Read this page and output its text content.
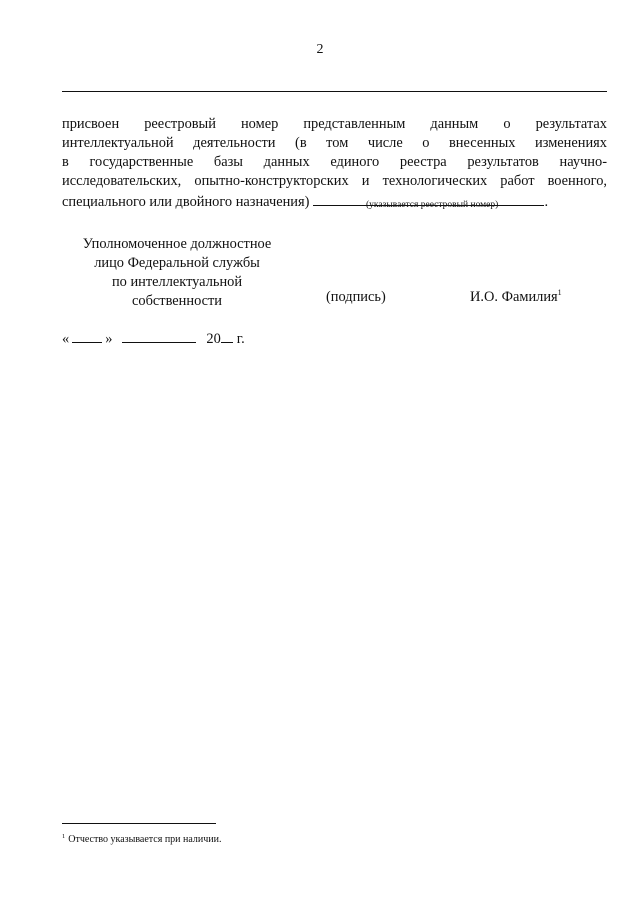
2
присвоен реестровый номер представленным данным о результатах
интеллектуальной деятельности (в том числе о внесенных изменениях
в государственные базы данных единого реестра результатов научно-
исследовательских, опытно-конструкторских и технологических работ военного,
специального или двойного назначения)	.
(указывается реестровый номер)
Уполномоченное должностное
лицо Федеральной службы
по интеллектуальной
собственности	(подпись)	И.О. Фамилия$^1$
«	»	20 г.
$^1$ Отчество указывается при наличии.
